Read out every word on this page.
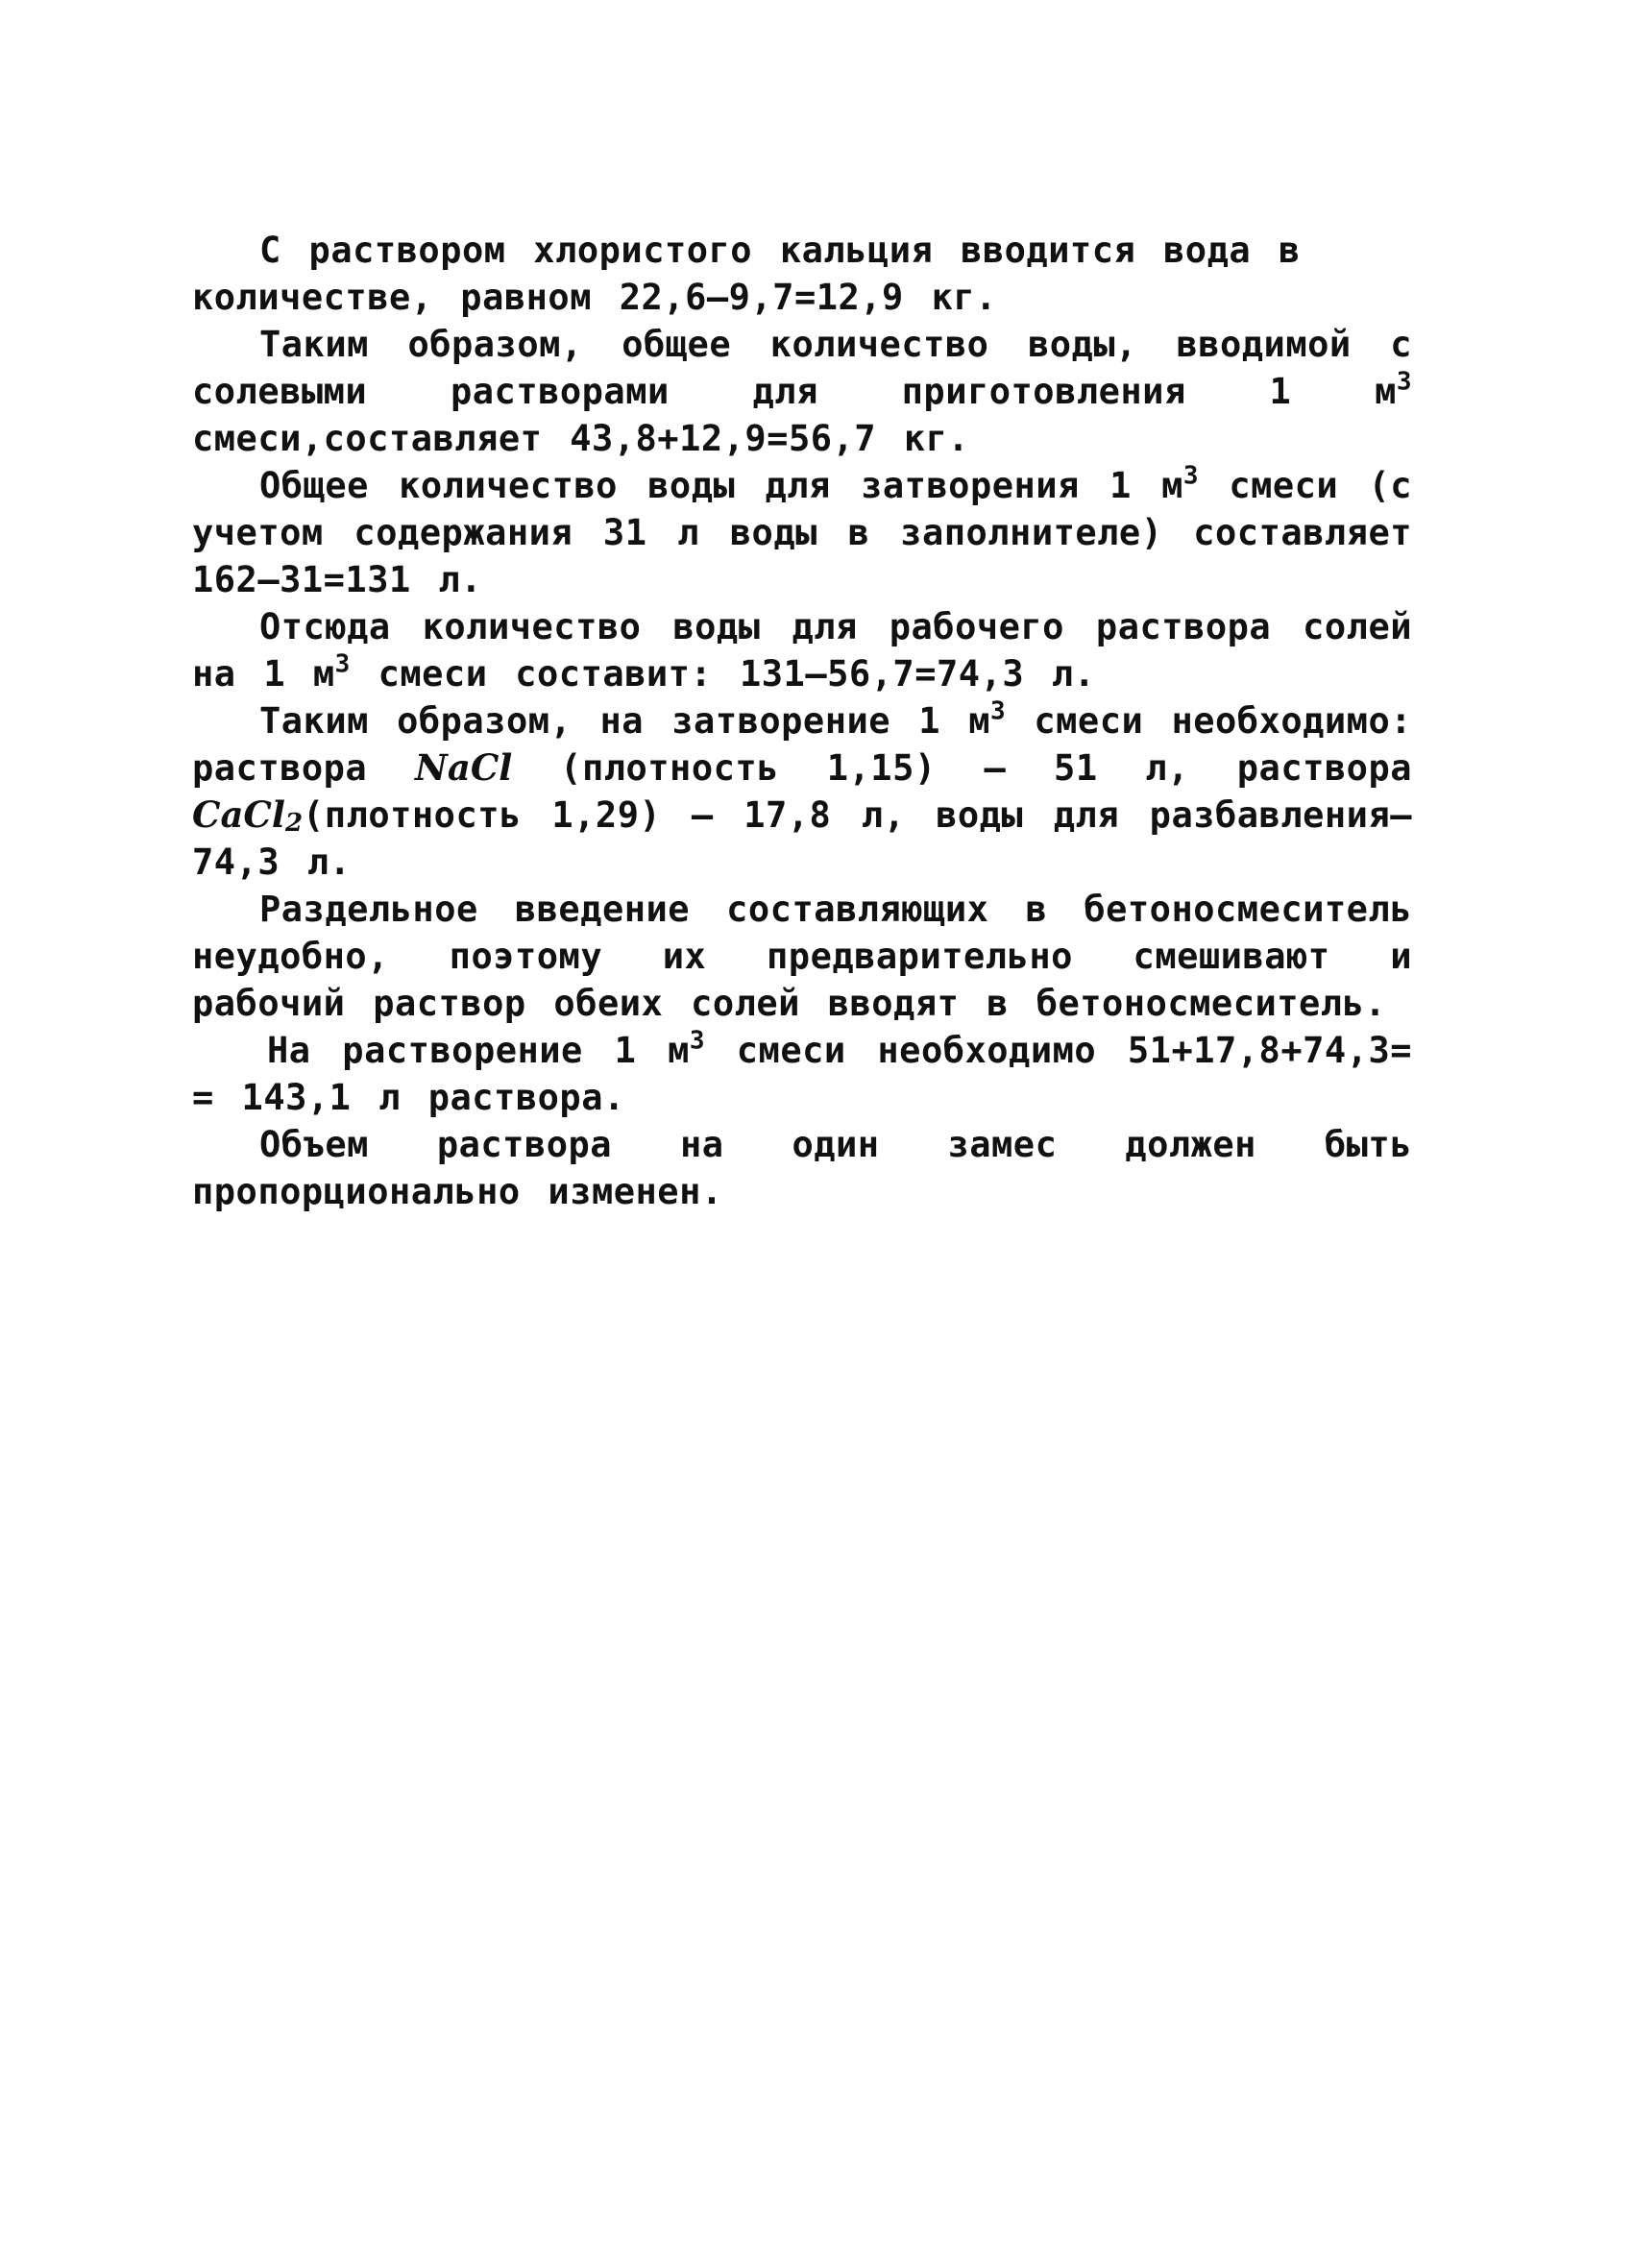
С раствором хлористого кальция вводится вода в
количестве, равном 22,6–9,7=12,9 кг.

Таким образом, общее количество воды, вводимой с солевыми растворами для приготовления 1 $м^3$ смеси,составляет 43,8+12,9=56,7 кг.

Общее количество воды для затворения 1 $м^3$ смеси (с учетом содержания 31 л воды в заполнителе) составляет 162–31=131 л.

Отсюда количество воды для рабочего раствора солей на 1 $м^3$ смеси составит: 131–56,7=74,3 л.

Таким образом, на затворение 1 $м^3$ смеси необходимо: раствора NaCl (плотность 1,15) – 51 л, раствора CaCl$_2$(плотность 1,29) – 17,8 л, воды для разбавления–74,3 л.

Раздельное введение составляющих в бетоносмеситель неудобно, поэтому их предварительно смешивают и рабочий раствор обеих солей вводят в бетоносмеситель.

На растворение 1 $м^3$ смеси необходимо 51+17,8+74,3= = 143,1 л раствора.

Объем раствора на один замес должен быть пропорционально изменен.
